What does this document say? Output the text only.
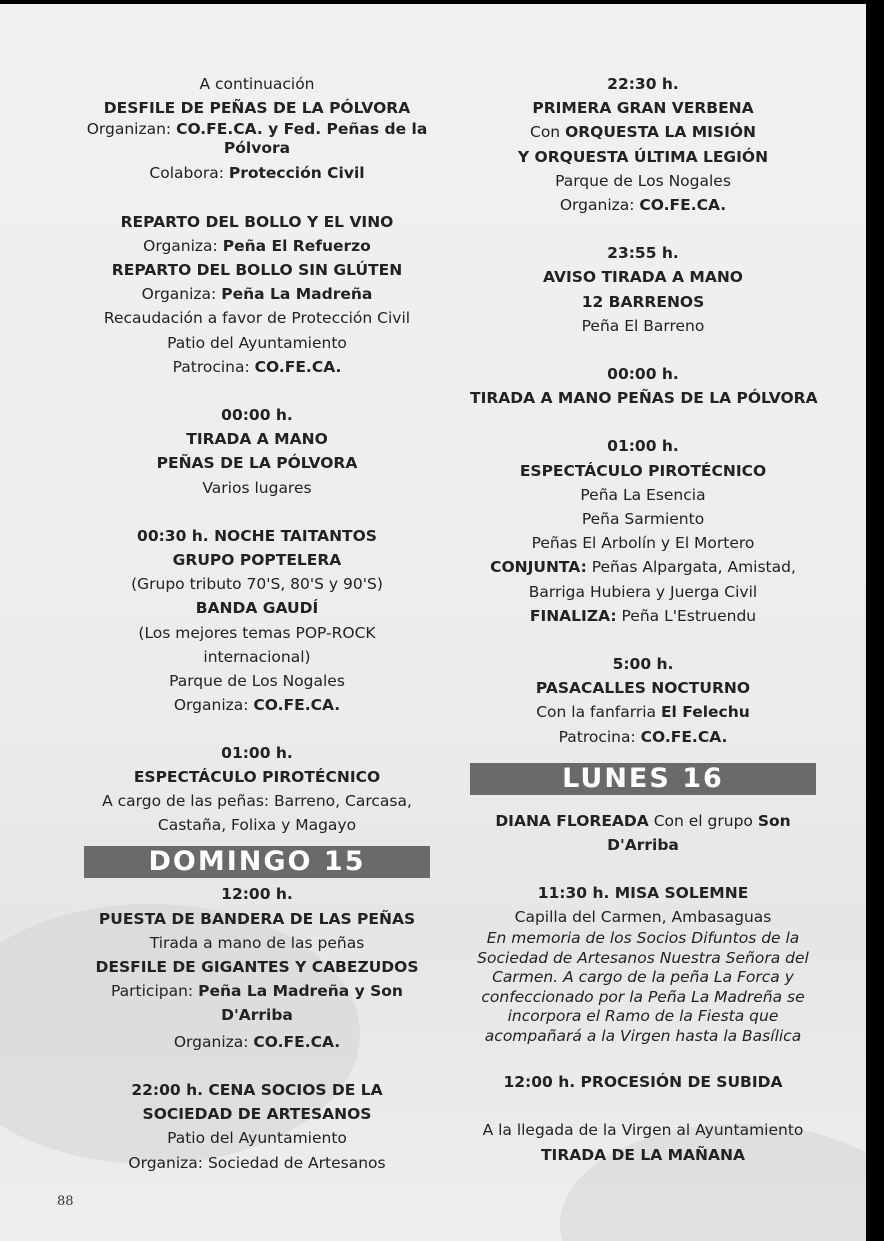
A continuación
DESFILE DE PEÑAS DE LA PÓLVORA
Organizan: CO.FE.CA. y Fed. Peñas de la Pólvora
Colabora: Protección Civil
REPARTO DEL BOLLO Y EL VINO
Organiza: Peña El Refuerzo
REPARTO DEL BOLLO SIN GLÚTEN
Organiza: Peña La Madreña
Recaudación a favor de Protección Civil
Patio del Ayuntamiento
Patrocina: CO.FE.CA.
00:00 h.
TIRADA A MANO
PEÑAS DE LA PÓLVORA
Varios lugares
00:30 h. NOCHE TAITANTOS
GRUPO POPTELERA
(Grupo tributo 70'S, 80'S y 90'S)
BANDA GAUDÍ
(Los mejores temas POP-ROCK internacional)
Parque de Los Nogales
Organiza: CO.FE.CA.
01:00 h.
ESPECTÁCULO PIROTÉCNICO
A cargo de las peñas: Barreno, Carcasa, Castaña, Folixa y Magayo
DOMINGO 15
12:00 h.
PUESTA DE BANDERA DE LAS PEÑAS
Tirada a mano de las peñas
DESFILE DE GIGANTES Y CABEZUDOS
Participan: Peña La Madreña y Son D'Arriba
Organiza: CO.FE.CA.
22:00 h. CENA SOCIOS DE LA SOCIEDAD DE ARTESANOS
Patio del Ayuntamiento
Organiza: Sociedad de Artesanos
22:30 h.
PRIMERA GRAN VERBENA
Con ORQUESTA LA MISIÓN
Y ORQUESTA ÚLTIMA LEGIÓN
Parque de Los Nogales
Organiza: CO.FE.CA.
23:55 h.
AVISO TIRADA A MANO
12 BARRENOS
Peña El Barreno
00:00 h.
TIRADA A MANO PEÑAS DE LA PÓLVORA
01:00 h.
ESPECTÁCULO PIROTÉCNICO
Peña La Esencia
Peña Sarmiento
Peñas El Arbolín y El Mortero
CONJUNTA: Peñas Alpargata, Amistad,
Barriga Hubiera y Juerga Civil
FINALIZA: Peña L'Estruendu
5:00 h.
PASACALLES NOCTURNO
Con la fanfarria El Felechu
Patrocina: CO.FE.CA.
LUNES 16
DIANA FLOREADA Con el grupo Son D'Arriba
11:30 h. MISA SOLEMNE
Capilla del Carmen, Ambasaguas
En memoria de los Socios Difuntos de la Sociedad de Artesanos Nuestra Señora del Carmen. A cargo de la peña La Forca y confeccionado por la Peña La Madreña se incorpora el Ramo de la Fiesta que acompañará a la Virgen hasta la Basílica
12:00 h. PROCESIÓN DE SUBIDA
A la llegada de la Virgen al Ayuntamiento
TIRADA DE LA MAÑANA
88
